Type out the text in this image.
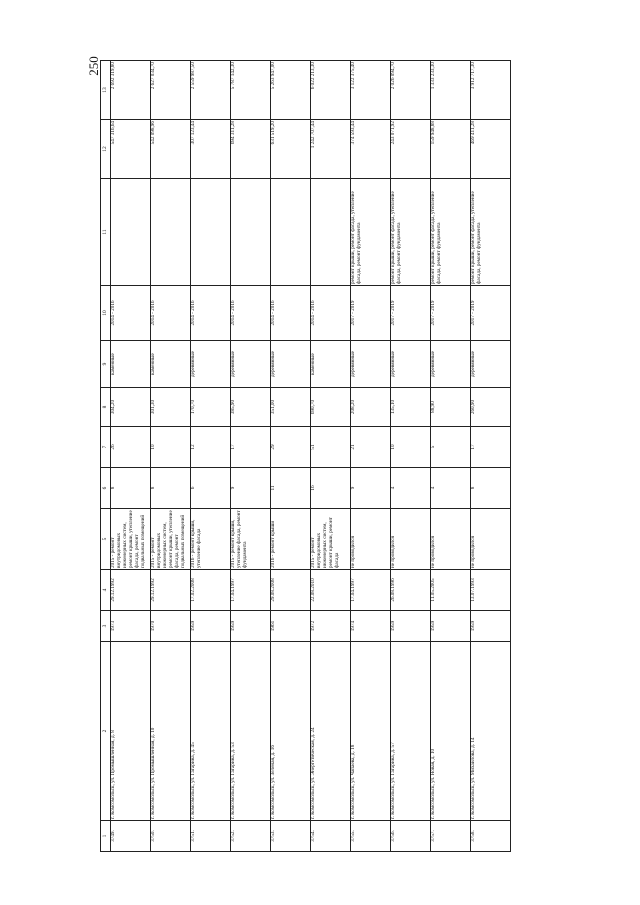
250
1	2	3	4	5	6	7	8	9	10	11	12	13
3749.	г. Комсомольск, ул. Промышленная, д. 8	1973	29.12.1992	2015 - ремонт внутридомовых инженерных систем, ремонт крыши, утепление фасада, ремонт подвальных помещений	8	26	304,20	каменные	2014 - 2016		547 316,64	2 692 319,80
3750.	г. Комсомольск, ул. Промышленная, д. 10	1970	29.12.1992	2015 - ремонт внутридомовых инженерных систем, ремонт крыши, утепление фасада, ремонт подвальных помещений	8	10	301,30	каменные	2014 - 2016		542 098,96	2 627 034,70
3751.	г. Комсомольск, ул. Гагарина, д. 45	1959	17.02.2008	2016 - ремонт крыши, утепление фасада	6	12	170,70	деревянные	2014 - 2016		307 123,44	2 559 987,50
3752.	г. Комсомольск, ул. Гагарина, д. 53	1959	17.04.1997	2015 - ремонт крыши, утепление фасада, ремонт фундамента	9	17	385,90	деревянные	2014 - 2016		694 311,28	5 787 142,30
3753.	г. Комсомольск, ул. Зелёная, д. 16	1961	29.08.2008	2016 - ремонт крыши	11	29	351,00	деревянные	2014 - 2016		631 519,20	5 263 947,00
3754.	г. Комсомольск, ул. Энергетическая, д. 24	1972	22.08.2010	2015 - ремонт внутридомовых инженерных систем, ремонт крыши, ремонт фасада	16	51	690,70	каменные	2014 - 2016		1 242 707,44	6 022 213,30
3755.	г. Комсомольск, ул. Чапаева, д. 18	1974	17.04.1997	не проводился	9	21	208,20	деревянные	2017 - 2019	ремонт крыши, ремонт фасада, утепление фасада, ремонт фундамента	374 593,44	3 122 375,40
3756.	г. Комсомольск, ул. Гагарина, д. 57	1959	26.08.1996	не проводился	4	10	135,10	деревянные	2017 - 2019	ремонт крыши, ремонт фасада, утепление фасада, ремонт фундамента	243 071,92	2 026 094,70
3757.	г. Комсомольск, ул. Новая, д. 10	1959	11.05.2005	не проводился	4	5	88,90	деревянные	2017 - 2019	ремонт крыши, ремонт фасада, утепление фасада, ремонт фундамента	159 948,88	1 333 233,30
3758.	г. Комсомольск, ул. Михайлова, д. 14	1959	13.07.1993	не проводился	8	17	260,90	деревянные	2017 - 2019	ремонт крыши, ремонт фасада, утепление фасада, ремонт фундамента	469 411,28	3 912 717,30
